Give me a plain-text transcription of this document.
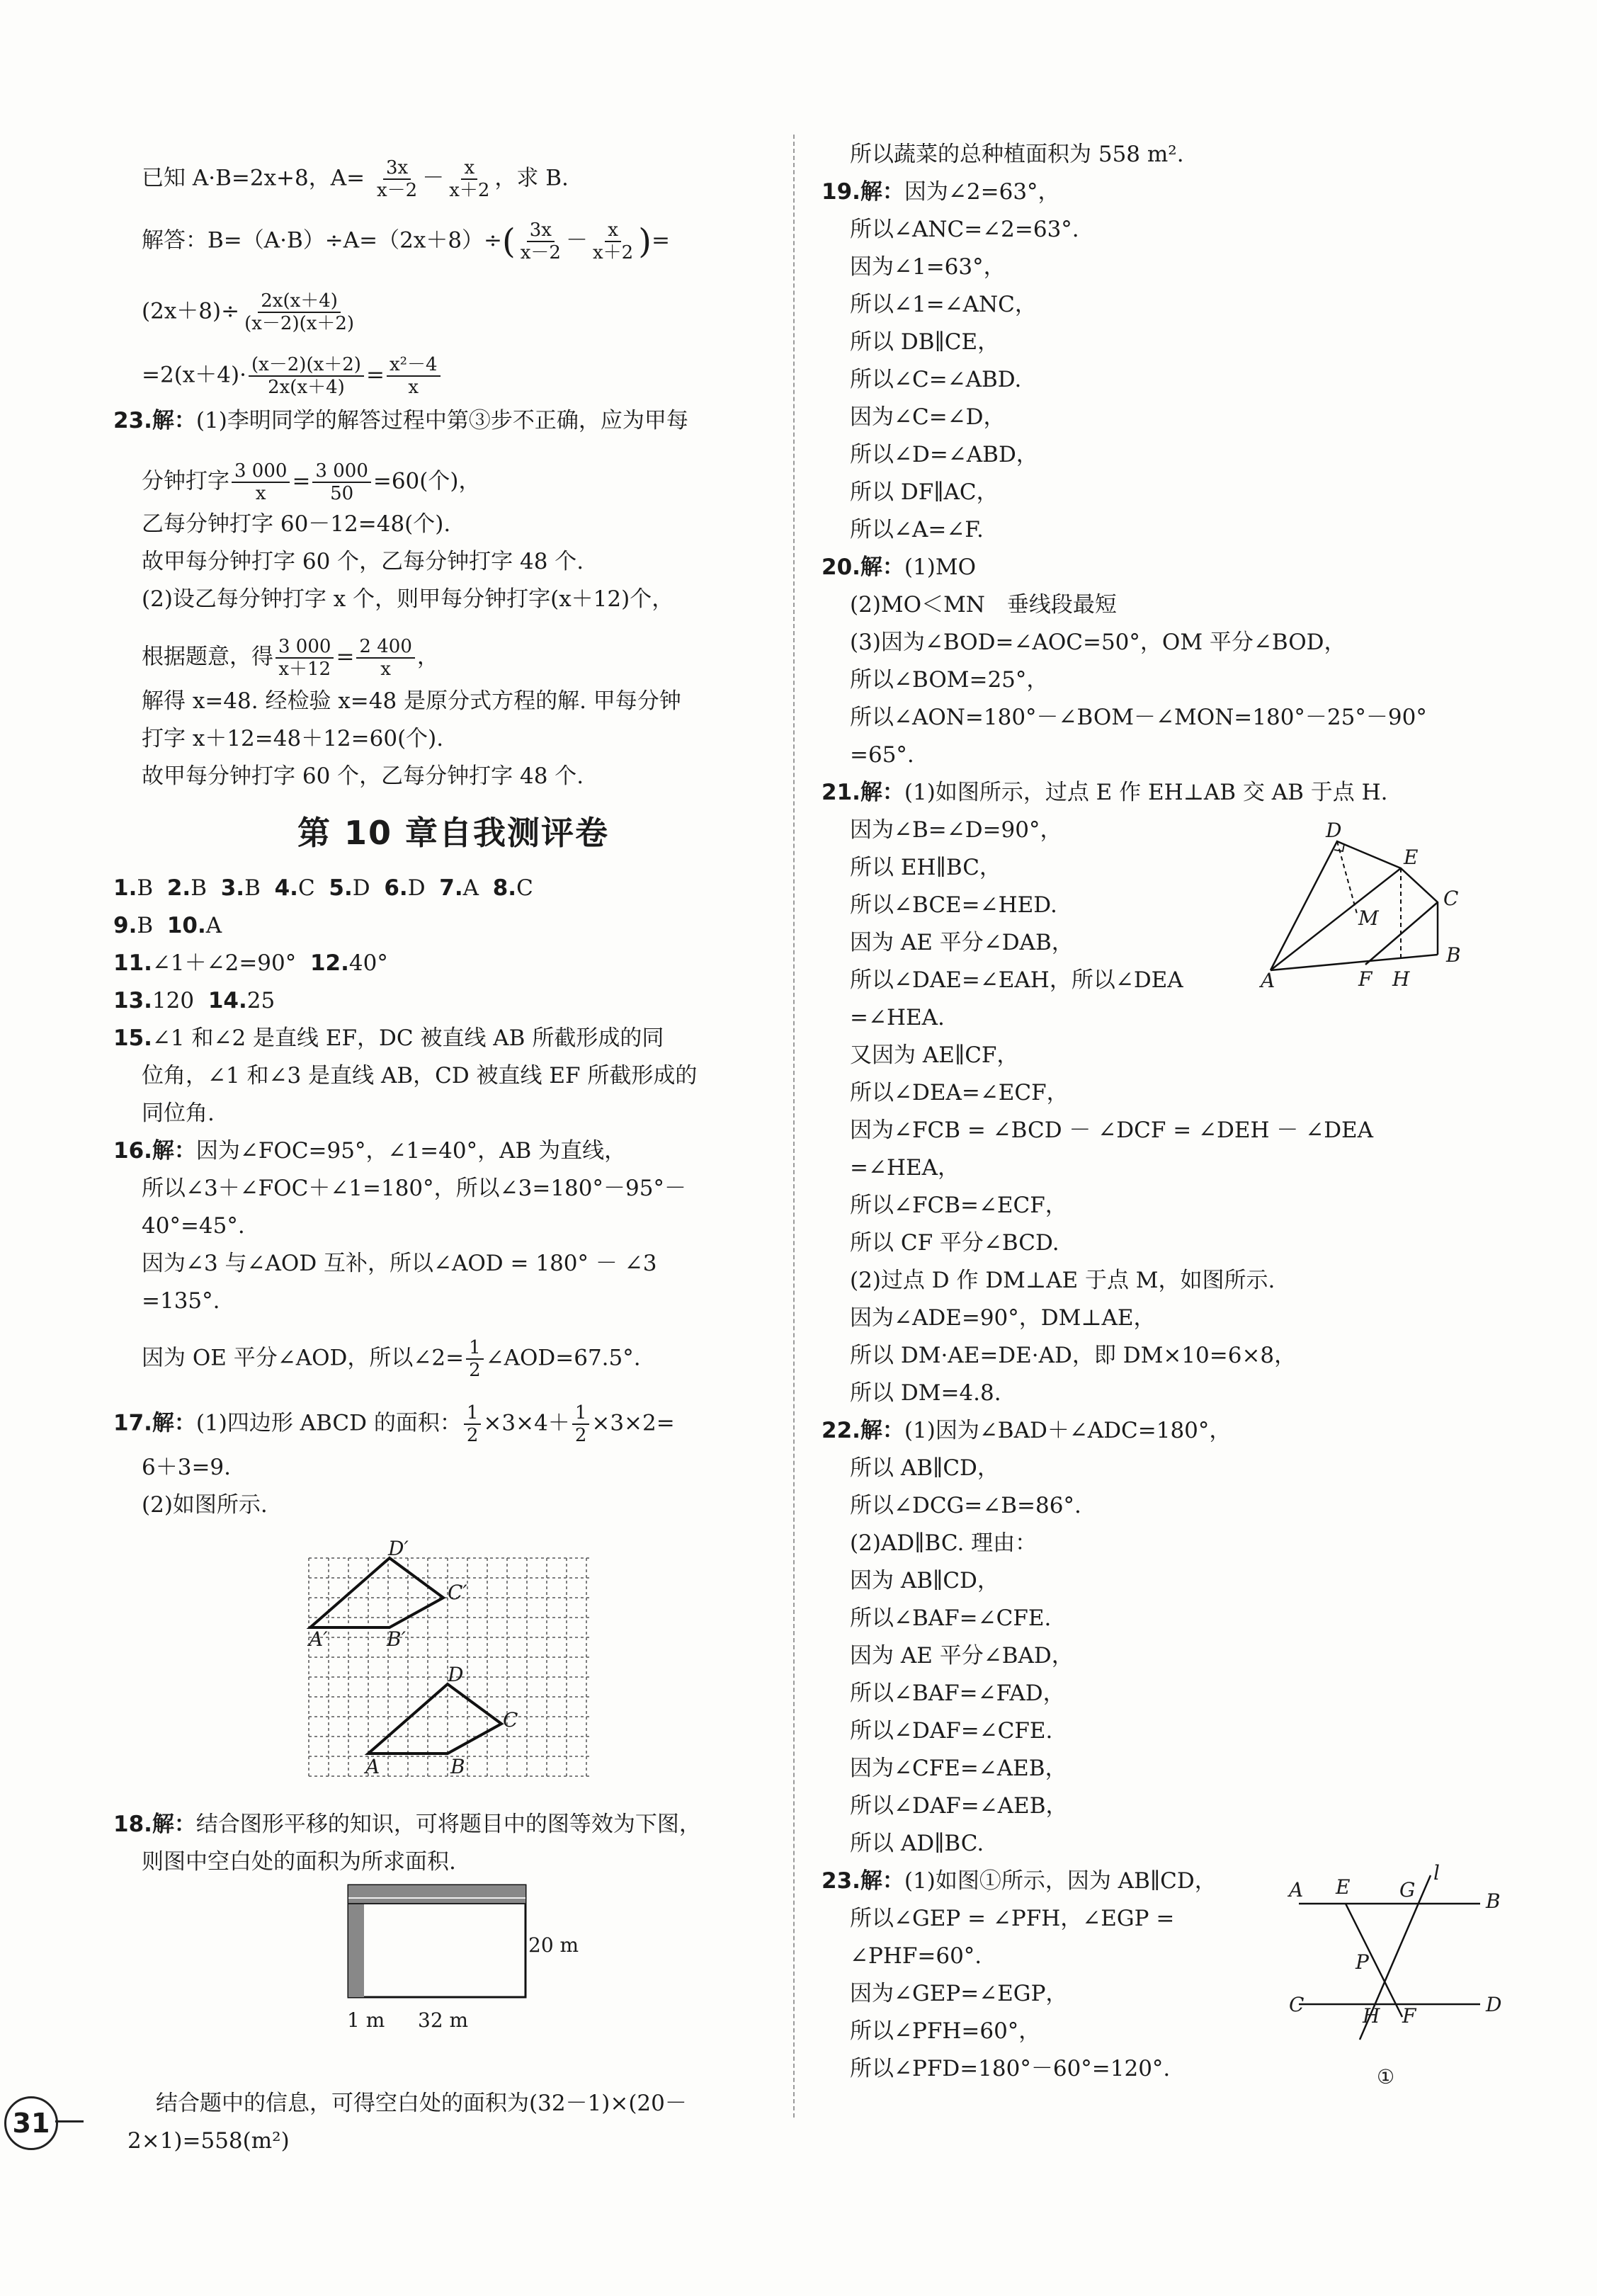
已知 A·B=2x+8，$A= \frac{3x}{x-2} - \frac{x}{x+2}$ ，求 B.
解答：$B=(A\cdot B)\div A=(2x+8)\div( \frac{3x}{x-2} - \frac{x}{x+2}$ )=
$(2x+8)\div \frac{2x(x+4)}{(x-2)(x+2)}$
$=2(x+4)\cdot \frac{(x-2)(x+2)}{2x(x+4)} = \frac{\text{x²－4}}{x}$
23.解：(1)李明同学的解答过程中第③步不正确，应为甲每
分钟打字 $\frac{3 000}{x} = \frac{3 000}{50} =60$(个)，
乙每分钟打字 60－12=48(个).
故甲每分钟打字 60 个，乙每分钟打字 48 个.
(2)设乙每分钟打字 x 个，则甲每分钟打字(x＋12)个，
根据题意，得 $\frac{3 000}{x+12} = \frac{2 400}{x}$ ，
解得 x=48. 经检验 x=48 是原分式方程的解. 甲每分钟
打字 x＋12=48＋12=60(个).
故甲每分钟打字 60 个，乙每分钟打字 48 个.
第 10 章自我测评卷
1.B 2.B 3.B 4.C 5.D 6.D 7.A 8.C
9.B 10.A
11.∠1＋∠2=90° 12.40°
13.120 14.25
15.∠1 和∠2 是直线 EF，DC 被直线 AB 所截形成的同
位角，∠1 和∠3 是直线 AB，CD 被直线 EF 所截形成的
同位角.
16.解：因为∠FOC=95°，∠1=40°，AB 为直线，
所以∠3＋∠FOC＋∠1=180°，所以∠3=180°－95°－
40°=45°.
因为∠3 与∠AOD 互补，所以∠AOD = 180° － ∠3
=135°.
因为 OE 平分∠AOD，所以∠2= $\frac{1}{2}$ ∠AOD=67.5°.
17.解：(1)四边形 ABCD 的面积： $\frac{1}{2} \times 3\times 4+ \frac{1}{2} \times 3\times 2=$
6＋3=9.
(2)如图所示.
D′
C′
A′	B′
D
C
A	B
18.解：结合图形平移的知识，可将题目中的图等效为下图，
则图中空白处的面积为所求面积.
20 m
1 m 32 m
结合题中的信息，可得空白处的面积为(32－1)×(20－
2×1)=558(m²)
所以蔬菜的总种植面积为 558 m².
19.解：因为∠2=63°，
所以∠ANC=∠2=63°.
因为∠1=63°，
所以∠1=∠ANC，
所以 DB∥CE，
所以∠C=∠ABD.
因为∠C=∠D，
所以∠D=∠ABD，
所以 DF∥AC，
所以∠A=∠F.
20.解：(1)MO
(2)MO＜MN　垂线段最短
(3)因为∠BOD=∠AOC=50°，OM 平分∠BOD，
所以∠BOM=25°，
所以∠AON=180°－∠BOM－∠MON=180°－25°－90°
=65°.
21.解：(1)如图所示，过点 E 作 EH⊥AB 交 AB 于点 H.
因为∠B=∠D=90°，
所以 EH∥BC，
所以∠BCE=∠HED.
因为 AE 平分∠DAB，
所以∠DAE=∠EAH，所以∠DEA
=∠HEA.
D
E
C
M
A	F H
B
又因为 AE∥CF，
所以∠DEA=∠ECF，
因为∠FCB = ∠BCD － ∠DCF = ∠DEH － ∠DEA
=∠HEA，
所以∠FCB=∠ECF，
所以 CF 平分∠BCD.
(2)过点 D 作 DM⊥AE 于点 M，如图所示.
因为∠ADE=90°，DM⊥AE，
所以 DM·AE=DE·AD，即 DM×10=6×8，
所以 DM=4.8.
22.解：(1)因为∠BAD＋∠ADC=180°，
所以 AB∥CD，
所以∠DCG=∠B=86°.
(2)AD∥BC. 理由：
因为 AB∥CD，
所以∠BAF=∠CFE.
因为 AE 平分∠BAD，
所以∠BAF=∠FAD，
所以∠DAF=∠CFE.
因为∠CFE=∠AEB，
所以∠DAF=∠AEB，
所以 AD∥BC.
23.解：(1)如图①所示，因为 AB∥CD，
所以∠GEP = ∠PFH，∠EGP =
∠PHF=60°.
因为∠GEP=∠EGP，
所以∠PFH=60°，
所以∠PFD=180°－60°=120°.
A E G
l
B
P
C	H F	D
①
31
